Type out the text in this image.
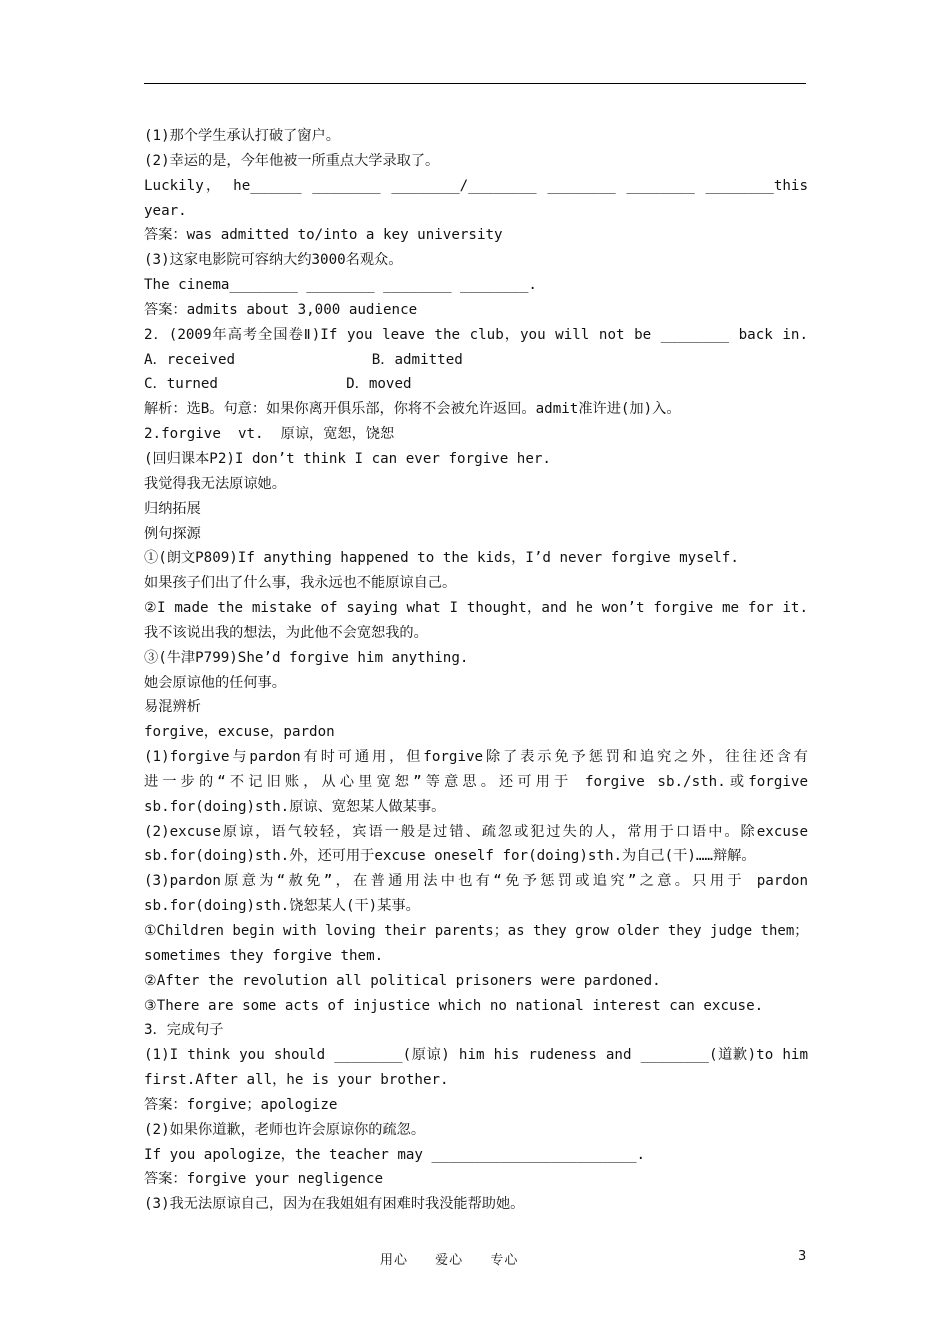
(1)那个学生承认打破了窗户。
(2)幸运的是，今年他被一所重点大学录取了。
Luckily， he______ ________ ________/________ ________ ________ ________this
year.
答案：was admitted to/into a key university
(3)这家电影院可容纳大约3000名观众。
The cinema________ ________ ________ ________.
答案：admits about 3,000 audience
2．(2009年高考全国卷Ⅱ)If you leave the club，you will not be ________ back in.
A．received                B．admitted
C．turned               D．moved
解析：选B。句意：如果你离开俱乐部，你将不会被允许返回。admit准许进(加)入。
2.forgive  vt.  原谅，宽恕，饶恕
(回归课本P2)I don’t think I can ever forgive her.
我觉得我无法原谅她。
归纳拓展
例句探源
①(朗文P809)If anything happened to the kids，I’d never forgive myself.
如果孩子们出了什么事，我永远也不能原谅自己。
②I made the mistake of saying what I thought，and he won’t forgive me for it.
我不该说出我的想法，为此他不会宽恕我的。
③(牛津P799)She’d forgive him anything.
她会原谅他的任何事。
易混辨析
forgive，excuse，pardon
(1)forgive与pardon有时可通用，但forgive除了表示免予惩罚和追究之外，往往还含有
进一步的“不记旧账，从心里宽恕”等意思。还可用于 forgive sb./sth.或forgive
sb.for(doing)sth.原谅、宽恕某人做某事。
(2)excuse原谅，语气较轻，宾语一般是过错、疏忽或犯过失的人，常用于口语中。除excuse
sb.for(doing)sth.外，还可用于excuse oneself for(doing)sth.为自己(干)……辩解。
(3)pardon原意为“赦免”，在普通用法中也有“免予惩罚或追究”之意。只用于 pardon
sb.for(doing)sth.饶恕某人(干)某事。
①Children begin with loving their parents；as they grow older they judge them；
sometimes they forgive them.
②After the revolution all political prisoners were pardoned.
③There are some acts of injustice which no national interest can excuse.
3．完成句子
(1)I think you should ________(原谅) him his rudeness and ________(道歉)to him
first.After all，he is your brother.
答案：forgive；apologize
(2)如果你道歉，老师也许会原谅你的疏忽。
If you apologize，the teacher may ________________________.
答案：forgive your negligence
(3)我无法原谅自己，因为在我姐姐有困难时我没能帮助她。
用心 爱心 专心	3
